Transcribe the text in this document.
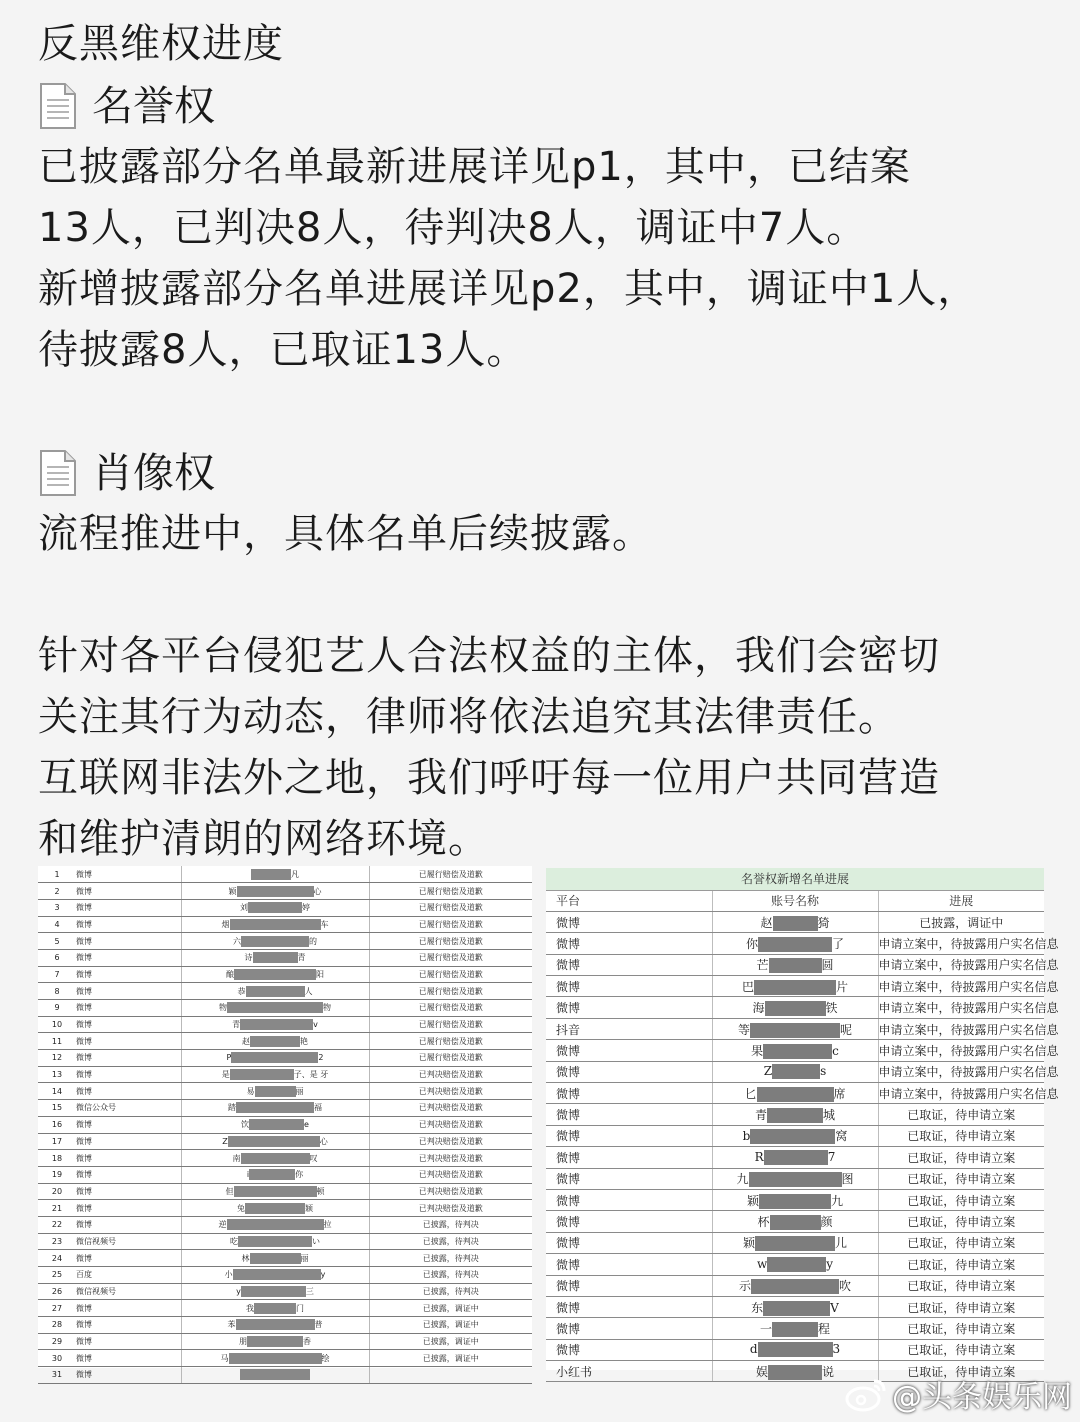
反黑维权进度
名誉权
已披露部分名单最新进展详见p1，其中，已结案
13人，已判决8人，待判决8人，调证中7人。
新增披露部分名单进展详见p2，其中，调证中1人，
待披露8人，已取证13人。
肖像权
流程推进中，具体名单后续披露。
针对各平台侵犯艺人合法权益的主体，我们会密切
关注其行为动态，律师将依法追究其法律责任。
互联网非法外之地，我们呼吁每一位用户共同营造
和维护清朗的网络环境。
1	微博	凡	已履行赔偿及道歉
2	微博	颖 心	已履行赔偿及道歉
3	微博	刘 婷	已履行赔偿及道歉
4	微博	烟 车	已履行赔偿及道歉
5	微博	六 的	已履行赔偿及道歉
6	微博	诗 青	已履行赔偿及道歉
7	微博	酿 阳	已履行赔偿及道歉
8	微博	恭 人	已履行赔偿及道歉
9	微博	物 物	已履行赔偿及道歉
10	微博	青 v	已履行赔偿及道歉
11	微博	赵 艳	已履行赔偿及道歉
12	微博	P 2	已履行赔偿及道歉
13	微博	是 子、是 牙	已判决赔偿及道歉
14	微博	易 丽	已判决赔偿及道歉
15	微信公众号	踏 福	已判决赔偿及道歉
16	微博	饮 e	已判决赔偿及道歉
17	微博	Z 心	已判决赔偿及道歉
18	微博	南 叹	已判决赔偿及道歉
19	微博	i 你	已判决赔偿及道歉
20	微博	但 顿	已判决赔偿及道歉
21	微博	兔 颖	已判决赔偿及道歉
22	微博	逆 拉	已披露，待判决
23	微信视频号	吃 い	已披露，待判决
24	微博	林 丽	已披露，待判决
25	百度	小 y	已披露，待判决
26	微信视频号	y 三	已披露，待判决
27	微博	我 门	已披露，调证中
28	微博	苯 普	已披露，调证中
29	微博	朋 香	已披露，调证中
30	微博	马 绘	已披露，调证中
31	微博		
名誉权新增名单进展		
平台	账号名称	进展
微博	赵 猗	已披露，调证中
微博	你 了	申请立案中，待披露用户实名信息
微博	芒 圆	申请立案中，待披露用户实名信息
微博	巴 片	申请立案中，待披露用户实名信息
微博	海 铁	申请立案中，待披露用户实名信息
抖音	等 呢	申请立案中，待披露用户实名信息
微博	果 c	申请立案中，待披露用户实名信息
微博	Z s	申请立案中，待披露用户实名信息
微博	匕 席	申请立案中，待披露用户实名信息
微博	青 城	已取证，待申请立案
微博	b 窝	已取证，待申请立案
微博	R 7	已取证，待申请立案
微博	九 图	已取证，待申请立案
微博	颖 九	已取证，待申请立案
微博	杯 颜	已取证，待申请立案
微博	颖 儿	已取证，待申请立案
微博	w y	已取证，待申请立案
微博	示 吹	已取证，待申请立案
微博	东 V	已取证，待申请立案
微博	一 程	已取证，待申请立案
微博	d 3	已取证，待申请立案
小红书	娱 说	已取证，待申请立案
@头条娱乐网
